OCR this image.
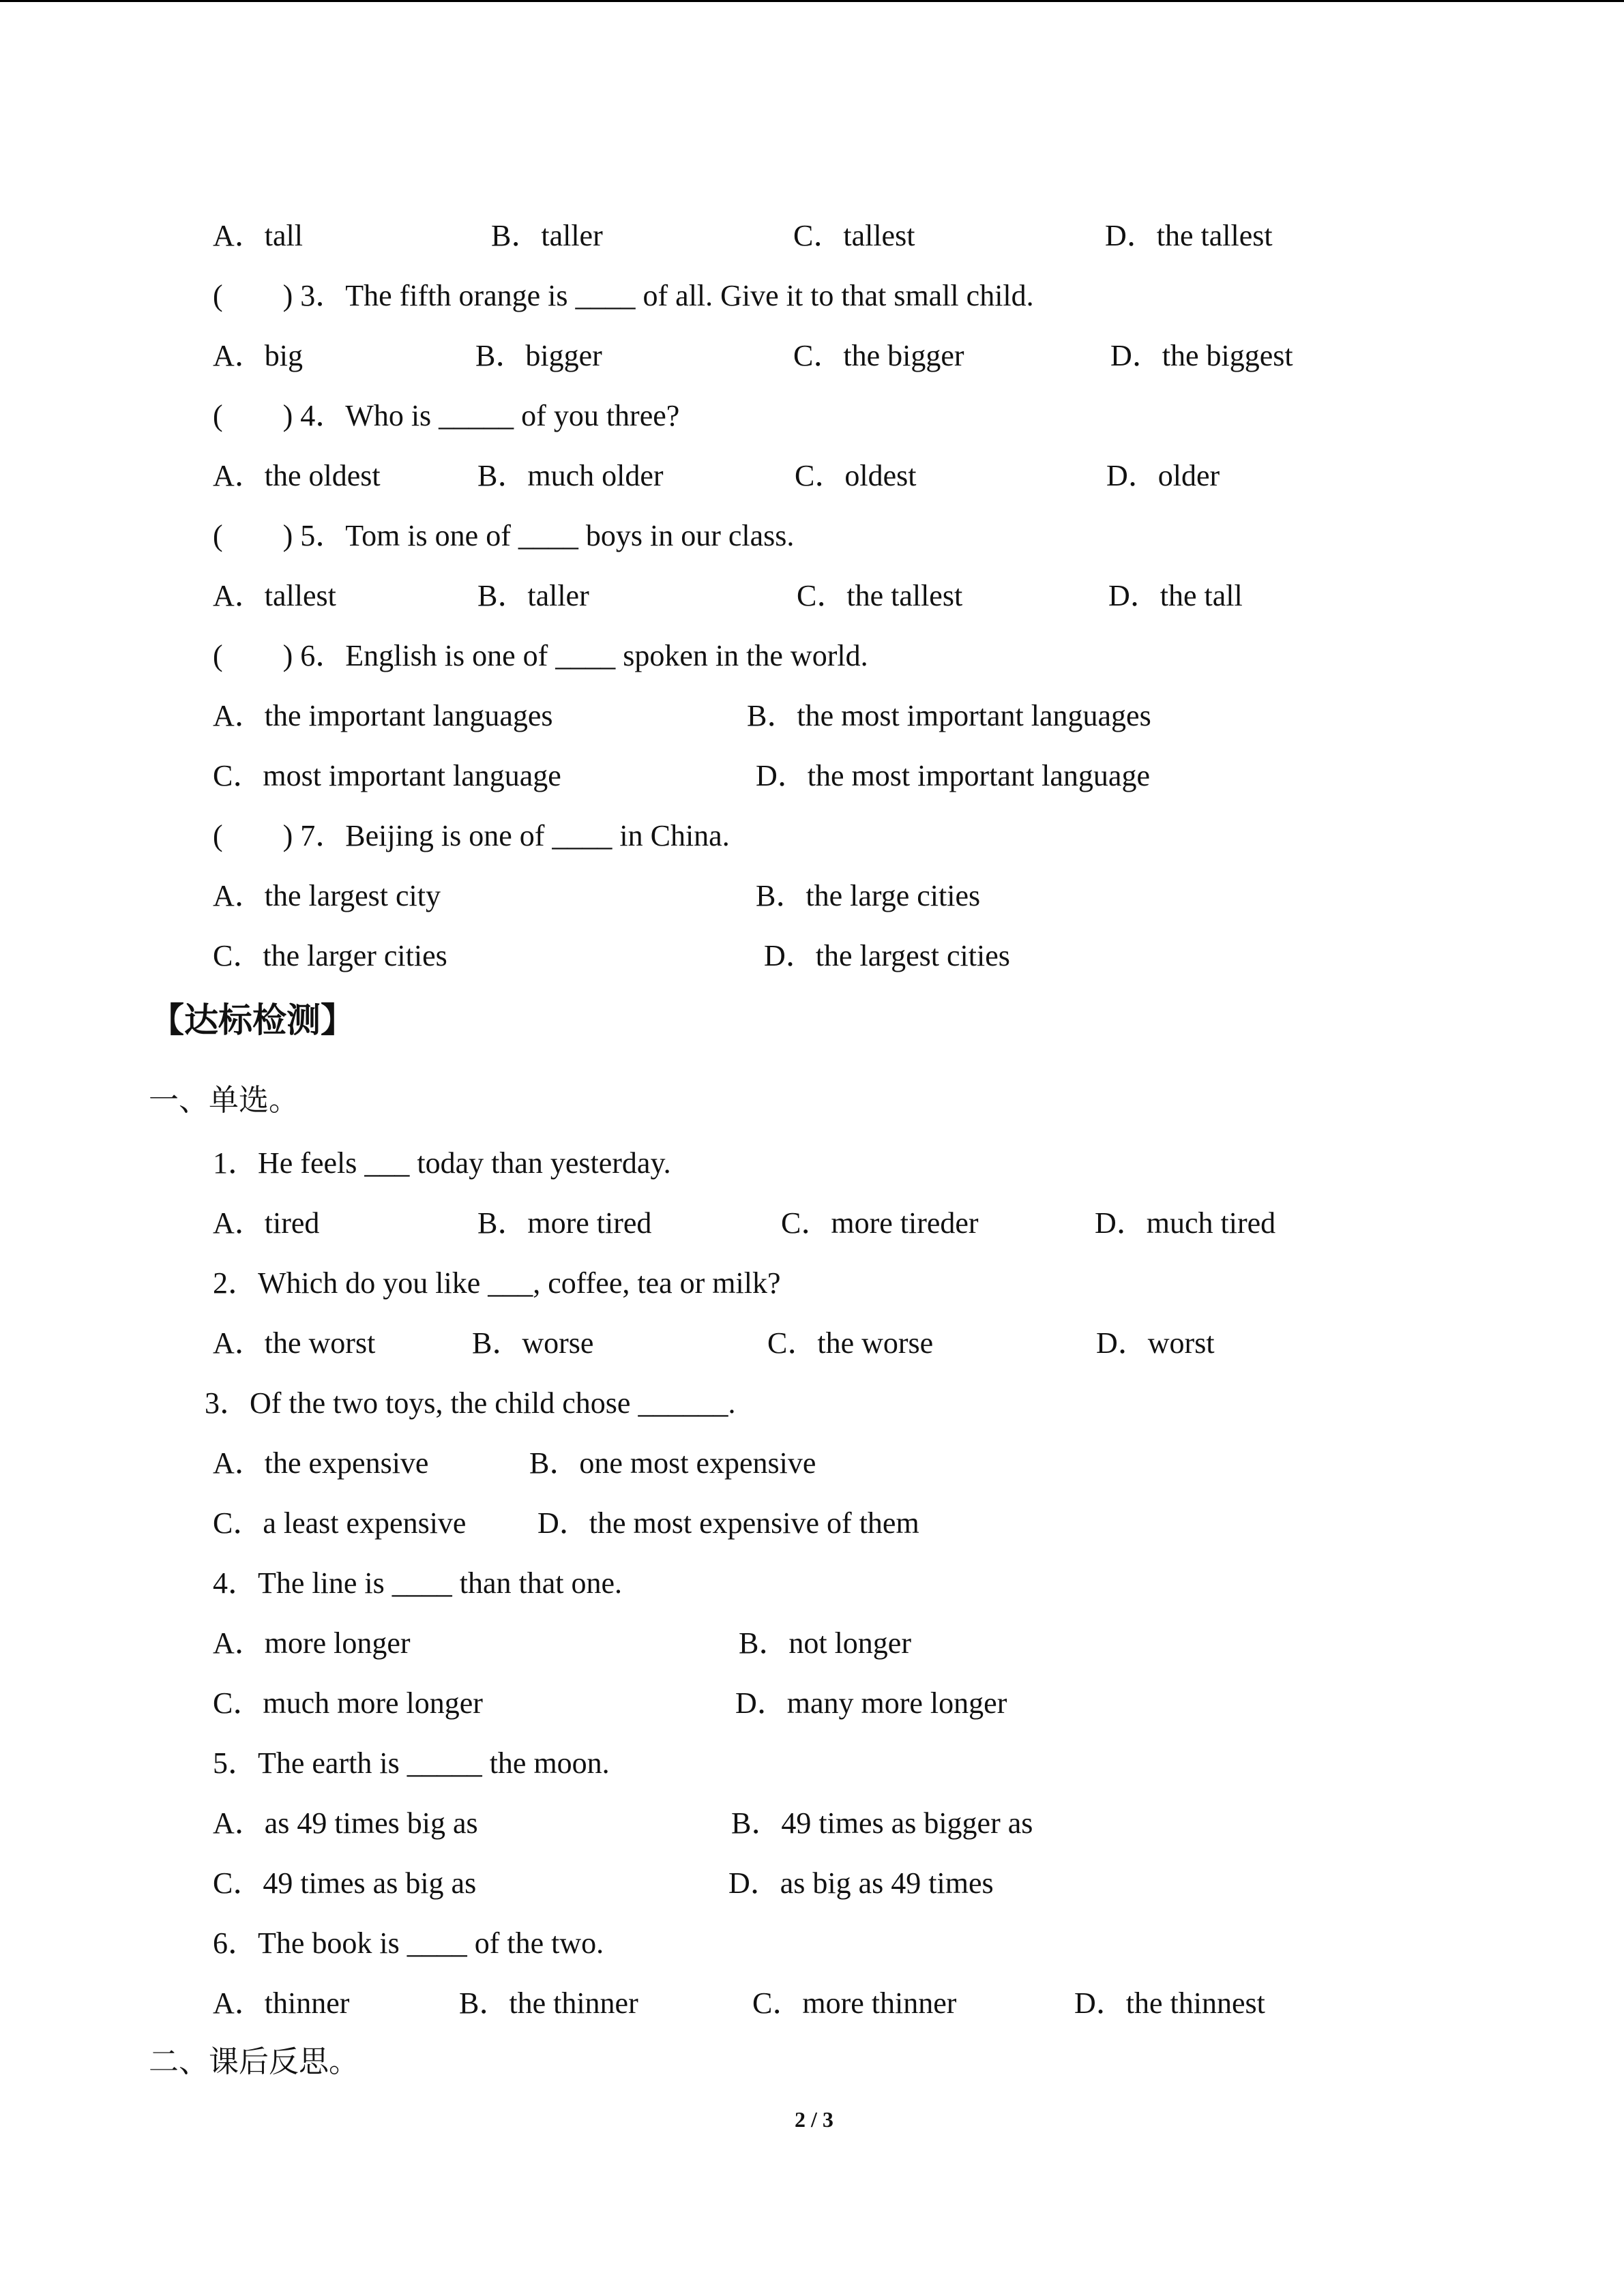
A．tall	B．taller	C．tallest	D．the tallest
(　　) 3．The fifth orange is ____ of all. Give it to that small child.
A．big	B．bigger	C．the bigger	D．the biggest
(　　) 4．Who is _____ of you three?
A．the oldest	B．much older	C．oldest	D．older
(　　) 5．Tom is one of ____ boys in our class.
A．tallest	B．taller	C．the tallest	D．the tall
(　　) 6．English is one of ____ spoken in the world.
A．the important languages	B．the most important languages
C．most important language	D．the most important language
(　　) 7．Beijing is one of ____ in China.
A．the largest city	B．the large cities
C．the larger cities	D．the largest cities
【达标检测】
一、单选。
1．He feels ___ today than yesterday.
A．tired	B．more tired	C．more tireder	D．much tired
2．Which do you like ___, coffee, tea or milk?
A．the worst	B．worse	C．the worse	D．worst
3．Of the two toys, the child chose ______.
A．the expensive	B．one most expensive
C．a least expensive D．the most expensive of them
4．The line is ____ than that one.
A．more longer	B．not longer
C．much more longer	D．many more longer
5．The earth is _____ the moon.
A．as 49 times big as	B．49 times as bigger as
C．49 times as big as	D．as big as 49 times
6．The book is ____ of the two.
A．thinner	B．the thinner	C．more thinner	D．the thinnest
二、课后反思。
2 / 3
